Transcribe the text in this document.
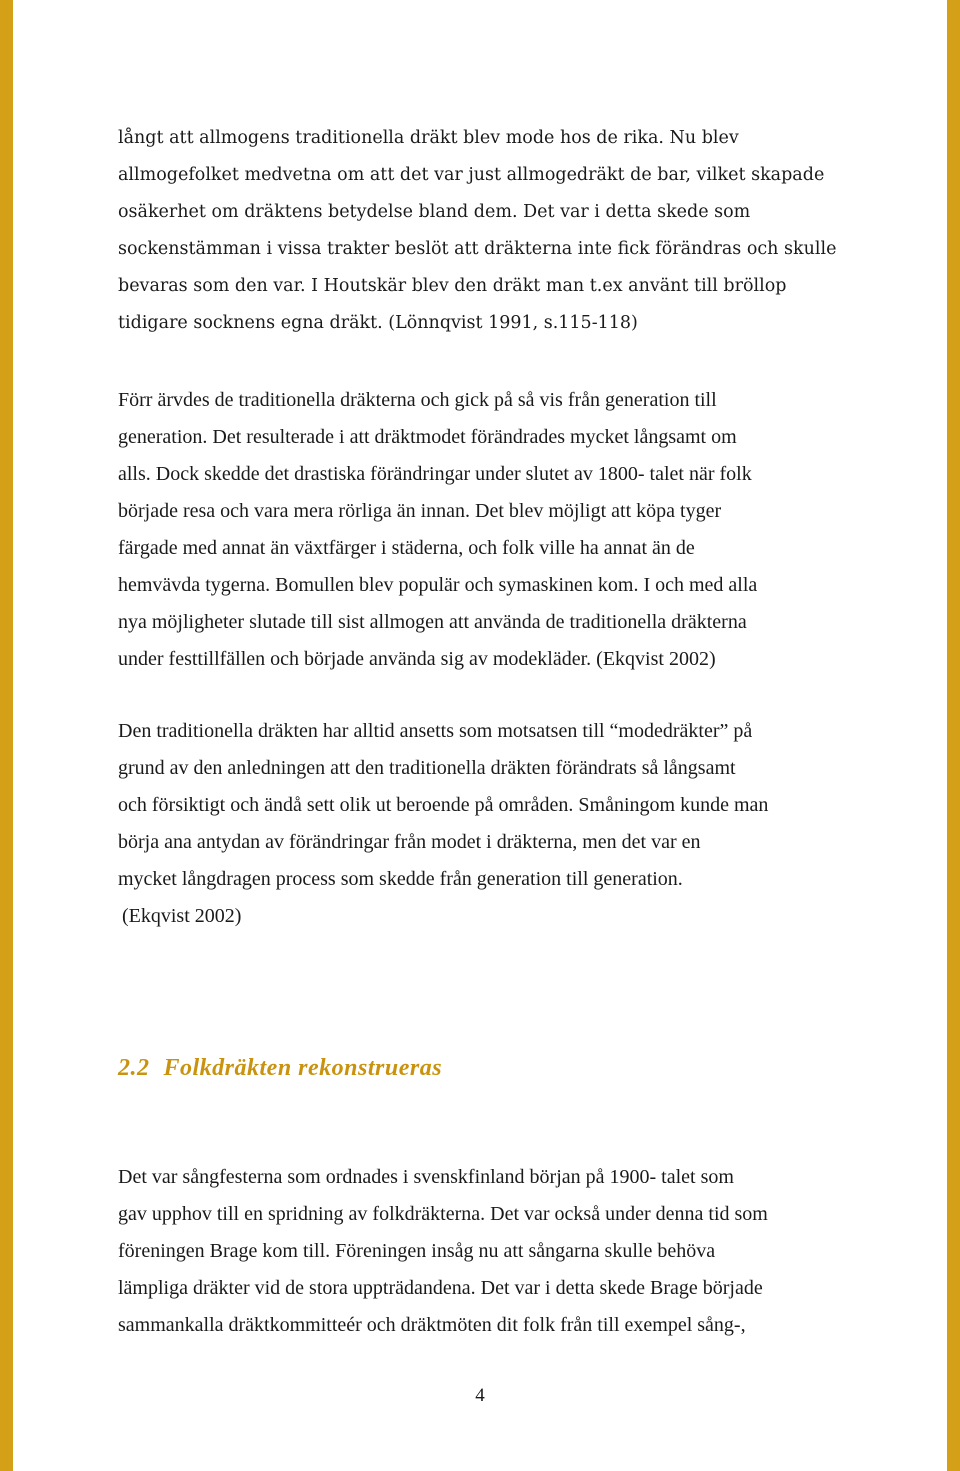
långt att allmogens traditionella dräkt blev mode hos de rika. Nu blev
allmogefolket medvetna om att det var just allmogedräkt de bar, vilket skapade
osäkerhet om dräktens betydelse bland dem. Det var i detta skede som
sockenstämman i vissa trakter beslöt att dräkterna inte fick förändras och skulle
bevaras som den var. I Houtskär blev den dräkt man t.ex använt till bröllop
tidigare socknens egna dräkt. (Lönnqvist 1991, s.115-118)

Förr ärvdes de traditionella dräkterna och gick på så vis från generation till
generation. Det resulterade i att dräktmodet förändrades mycket långsamt om
alls. Dock skedde det drastiska förändringar under slutet av 1800- talet när folk
började resa och vara mera rörliga än innan. Det blev möjligt att köpa tyger
färgade med annat än växtfärger i städerna, och folk ville ha annat än de
hemvävda tygerna. Bomullen blev populär och symaskinen kom. I och med alla
nya möjligheter slutade till sist allmogen att använda de traditionella dräkterna
under festtillfällen och började använda sig av modekläder. (Ekqvist 2002)

Den traditionella dräkten har alltid ansetts som motsatsen till “modedräkter” på
grund av den anledningen att den traditionella dräkten förändrats så långsamt
och försiktigt och ändå sett olik ut beroende på områden. Småningom kunde man
börja ana antydan av förändringar från modet i dräkterna, men det var en
mycket långdragen process som skedde från generation till generation.
(Ekqvist 2002)

2.2 Folkdräkten rekonstrueras

Det var sångfesterna som ordnades i svenskfinland början på 1900- talet som
gav upphov till en spridning av folkdräkterna. Det var också under denna tid som
föreningen Brage kom till. Föreningen insåg nu att sångarna skulle behöva
lämpliga dräkter vid de stora uppträdandena. Det var i detta skede Brage började
sammankalla dräktkommitteér och dräktmöten dit folk från till exempel sång-,

4
